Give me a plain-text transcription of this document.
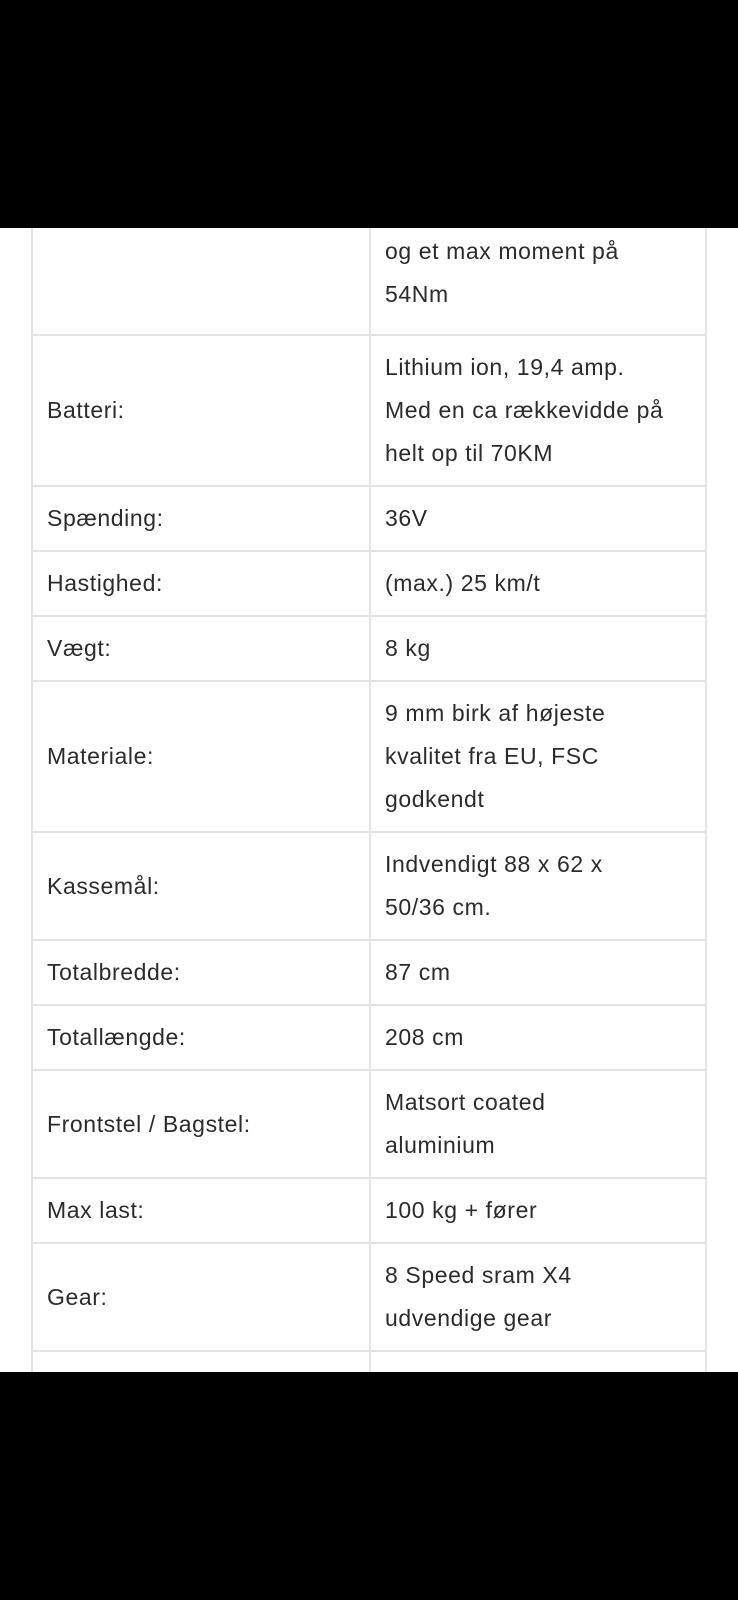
	og et max moment på
54Nm

Batteri:	Lithium ion, 19,4 amp.
Med en ca rækkevidde på
helt op til 70KM

Spænding:	36V

Hastighed:	(max.) 25 km/t

Vægt:	8 kg

Materiale:	9 mm birk af højeste
kvalitet fra EU, FSC
godkendt

Kassemål:	Indvendigt 88 x 62 x
50/36 cm.

Totalbredde:	87 cm

Totallængde:	208 cm

Frontstel / Bagstel:	Matsort coated
aluminium

Max last:	100 kg + fører

Gear:	8 Speed sram X4
udvendige gear
